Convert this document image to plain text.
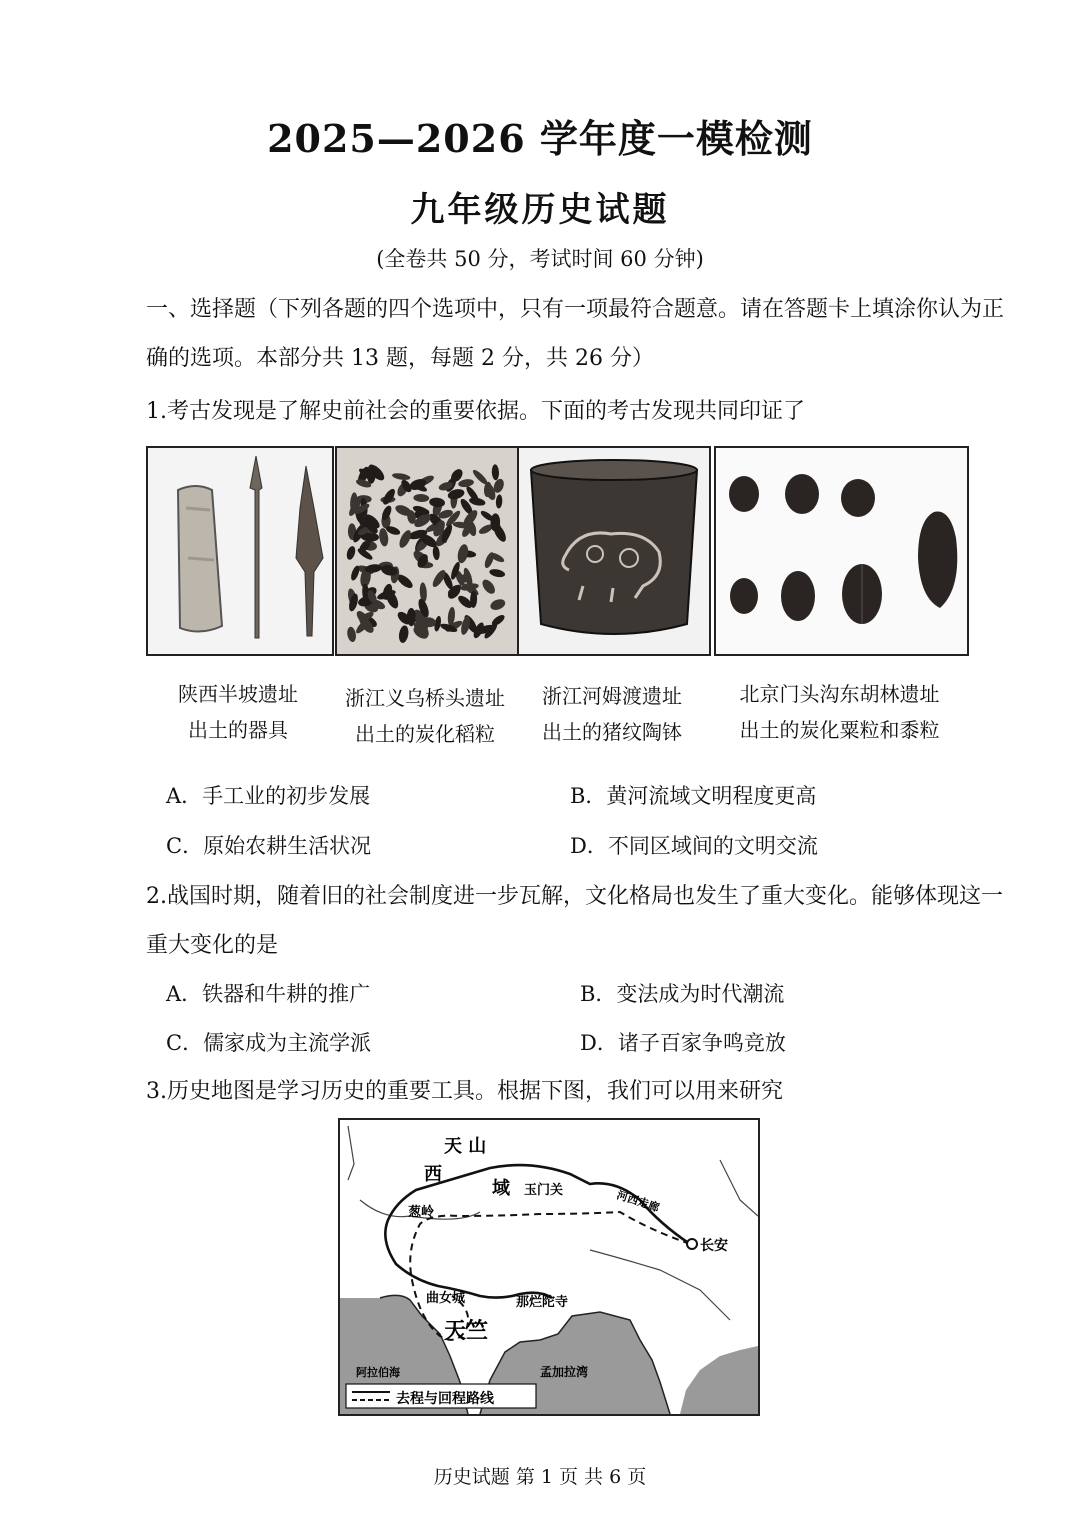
2025—2026 学年度一模检测
九年级历史试题
(全卷共 50 分，考试时间 60 分钟)
一、选择题（下列各题的四个选项中，只有一项最符合题意。请在答题卡上填涂你认为正
确的选项。本部分共 13 题，每题 2 分，共 26 分）
1.考古发现是了解史前社会的重要依据。下面的考古发现共同印证了
陕西半坡遗址
出土的器具
浙江义乌桥头遗址
出土的炭化稻粒
浙江河姆渡遗址
出土的猪纹陶钵
北京门头沟东胡林遗址
出土的炭化粟粒和黍粒
A．手工业的初步发展	B．黄河流域文明程度更高
C．原始农耕生活状况	D．不同区域间的文明交流
2.战国时期，随着旧的社会制度进一步瓦解，文化格局也发生了重大变化。能够体现这一
重大变化的是
A．铁器和牛耕的推广	B．变法成为时代潮流
C．儒家成为主流学派	D．诸子百家争鸣竞放
3.历史地图是学习历史的重要工具。根据下图，我们可以用来研究
天 山
西
域 玉门关	河西走廊
长安
葱岭
曲女城	那烂陀寺
天竺
阿拉伯海	孟加拉湾
去程与回程路线
历史试题 第 1 页 共 6 页
